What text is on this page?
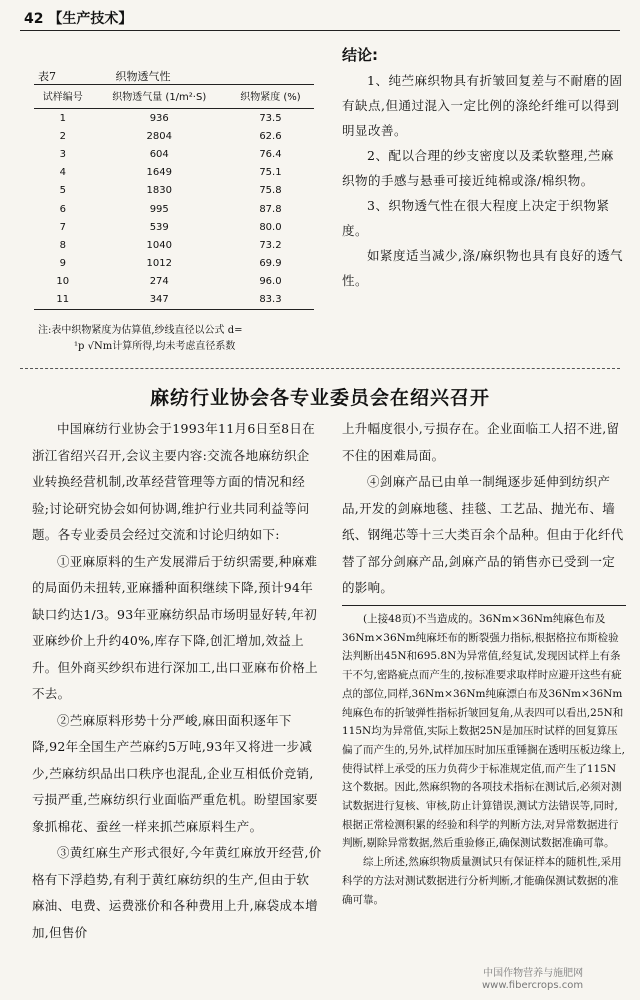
42 【生产技术】
表7	织物透气性
试样编号	织物透气量 (1/m²·S)	织物紧度 (%)
1	936	73.5
2	2804	62.6
3	604	76.4
4	1649	75.1
5	1830	75.8
6	995	87.8
7	539	80.0
8	1040	73.2
9	1012	69.9
10	274	96.0
11	347	83.3
注:表中织物紧度为估算值,纱线直径以公式 d=
¹p √Nm计算所得,均未考虑直径系数
结论:

1、纯苎麻织物具有折皱回复差与不耐磨的固有缺点,但通过混入一定比例的涤纶纤维可以得到明显改善。

2、配以合理的纱支密度以及柔软整理,苎麻织物的手感与悬垂可接近纯棉或涤/棉织物。

3、织物透气性在很大程度上决定于织物紧度。

如紧度适当减少,涤/麻织物也具有良好的透气性。

麻纺行业协会各专业委员会在绍兴召开

中国麻纺行业协会于1993年11月6日至8日在浙江省绍兴召开,会议主要内容:交流各地麻纺织企业转换经营机制,改革经营管理等方面的情况和经验;讨论研究协会如何协调,维护行业共同利益等问题。各专业委员会经过交流和讨论归纳如下:

①亚麻原料的生产发展滞后于纺织需要,种麻难的局面仍未扭转,亚麻播种面积继续下降,预计94年缺口约达1/3。93年亚麻纺织品市场明显好转,年初亚麻纱价上升约40%,库存下降,创汇增加,效益上升。但外商买纱织布进行深加工,出口亚麻布价格上不去。

②苎麻原料形势十分严峻,麻田面积逐年下降,92年全国生产苎麻约5万吨,93年又将进一步减少,苎麻纺织品出口秩序也混乱,企业互相低价竞销,亏损严重,苎麻纺织行业面临严重危机。盼望国家要象抓棉花、蚕丝一样来抓苎麻原料生产。

③黄红麻生产形式很好,今年黄红麻放开经营,价格有下浮趋势,有利于黄红麻纺织的生产,但由于软麻油、电费、运费涨价和各种费用上升,麻袋成本增加,但售价

上升幅度很小,亏损存在。企业面临工人招不进,留不住的困难局面。

④剑麻产品已由单一制绳逐步延伸到纺织产品,开发的剑麻地毯、挂毯、工艺品、抛光布、墙纸、钢绳芯等十三大类百余个品种。但由于化纤代替了部分剑麻产品,剑麻产品的销售亦已受到一定的影响。

(上接48页)不当造成的。36Nm×36Nm纯麻色布及36Nm×36Nm纯麻坯布的断裂强力指标,根据格拉布斯检验法判断出45N和695.8N为异常值,经复试,发现因试样上有条干不匀,密路疵点而产生的,按标准要求取样时应避开这些有疵点的部位,同样,36Nm×36Nm纯麻漂白布及36Nm×36Nm纯麻色布的折皱弹性指标折皱回复角,从表四可以看出,25N和115N均为异常值,实际上数据25N是加压时试样的回复算压偏了而产生的,另外,试样加压时加压重锤搁在透明压板边缘上,使得试样上承受的压力负荷少于标准规定值,而产生了115N这个数据。因此,然麻织物的各项技术指标在测试后,必须对测试数据进行复核、审核,防止计算错误,测试方法错误等,同时,根据正常检测积累的经验和科学的判断方法,对异常数据进行判断,剔除异常数据,然后重验修正,确保测试数据准确可靠。

综上所述,然麻织物质量测试只有保证样本的随机性,采用科学的方法对测试数据进行分析判断,才能确保测试数据的准确可靠。

中国作物营养与施肥网
www.fibercrops.com
